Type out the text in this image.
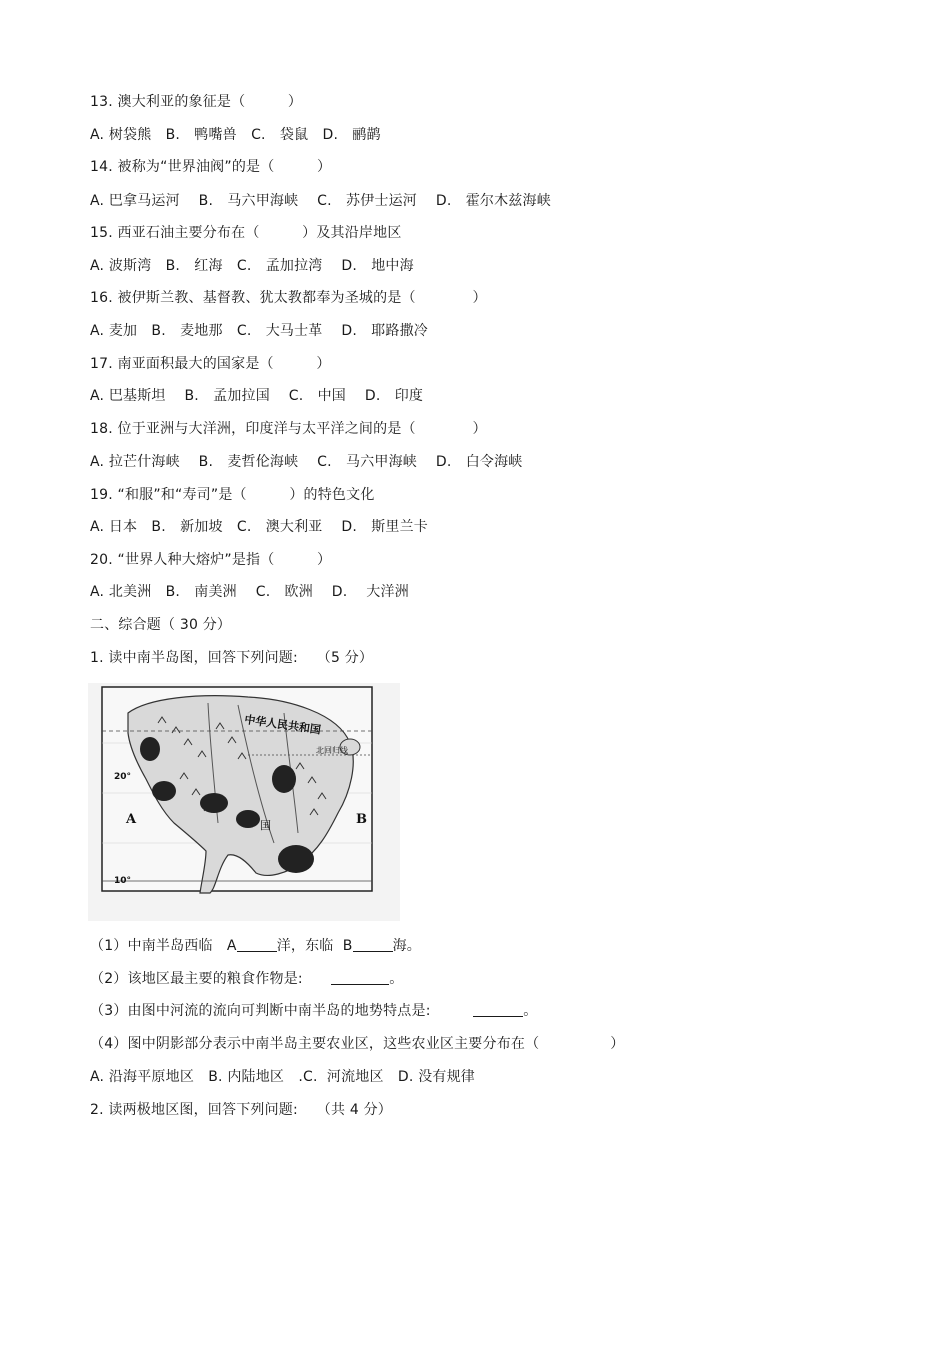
13. 澳大利亚的象征是（　　　）
A. 树袋熊　B.　鸭嘴兽　C.　袋鼠　D.　鹂鹋
14. 被称为“世界油阀”的是（　　　）
A. 巴拿马运河　 B.　马六甲海峡　 C.　苏伊士运河　 D.　霍尔木兹海峡
15. 西亚石油主要分布在（　　　）及其沿岸地区
A. 波斯湾　B.　红海　C.　孟加拉湾　 D.　地中海
16. 被伊斯兰教、基督教、犹太教都奉为圣城的是（　　　　）
A. 麦加　B.　麦地那　C.　大马士革　 D.　耶路撒冷
17. 南亚面积最大的国家是（　　　）
A. 巴基斯坦　 B.　孟加拉国　 C.　中国　 D.　印度
18. 位于亚洲与大洋洲，印度洋与太平洋之间的是（　　　　）
A. 拉芒什海峡　 B.　麦哲伦海峡　 C.　马六甲海峡　 D.　白令海峡
19. “和服”和“寿司”是（　　　）的特色文化
A. 日本　B.　新加坡　C.　澳大利亚　 D.　斯里兰卡
20. “世界人种大熔炉”是指（　　　）
A. 北美洲　B.　南美洲　 C.　欧洲　 D.　 大洋洲
二、综合题（ 30 分）
1. 读中南半岛图，回答下列问题:　 （5 分）
中华人民共和国
北回归线
20°
10°
A	B
国
（1）中南半岛西临　A	洋，东临  B	海。
（2）该地区最主要的粮食作物是:　　	。
（3）由图中河流的流向可判断中南半岛的地势特点是:　　　	。
（4）图中阴影部分表示中南半岛主要农业区，这些农业区主要分布在（　　　　　）
A. 沿海平原地区　B. 内陆地区　.C.  河流地区　D. 没有规律
2. 读两极地区图，回答下列问题:　 （共 4 分）
